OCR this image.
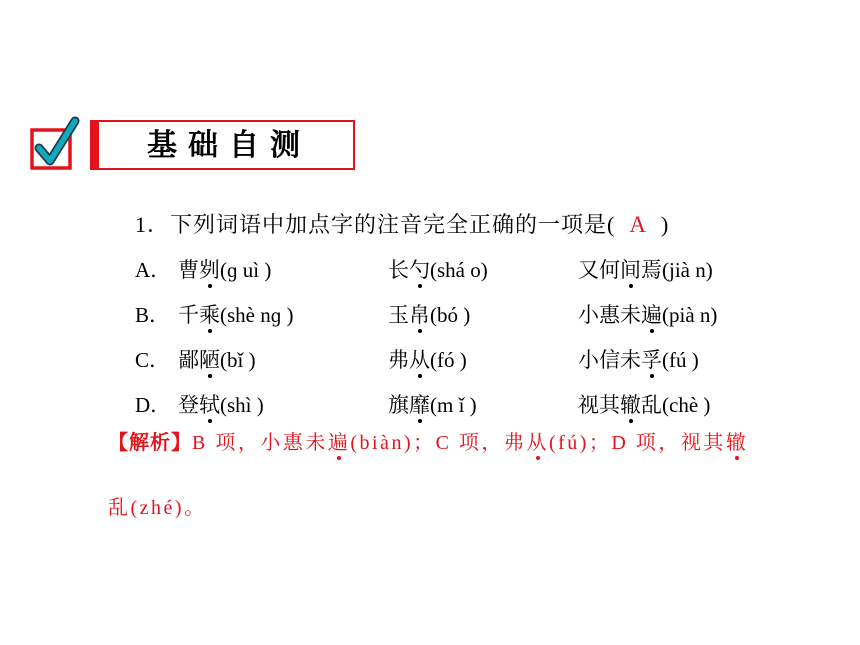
基础自测
1．下列词语中加点字的注音完全正确的一项是( A )
A． 曹刿(ɡ uì )	长勺(shá o)	又何间焉(jià n)
B． 千乘(shè nɡ )	玉帛(bó )	小惠未遍(pià n)
C． 鄙陋(bǐ )	弗从(fó )	小信未孚(fú )
D． 登轼(shì )	旗靡(m ǐ )	视其辙乱(chè )
【解析】B 项，小惠未遍(biàn)；C 项，弗从(fú)；D 项，视其辙
乱(zhé)。
